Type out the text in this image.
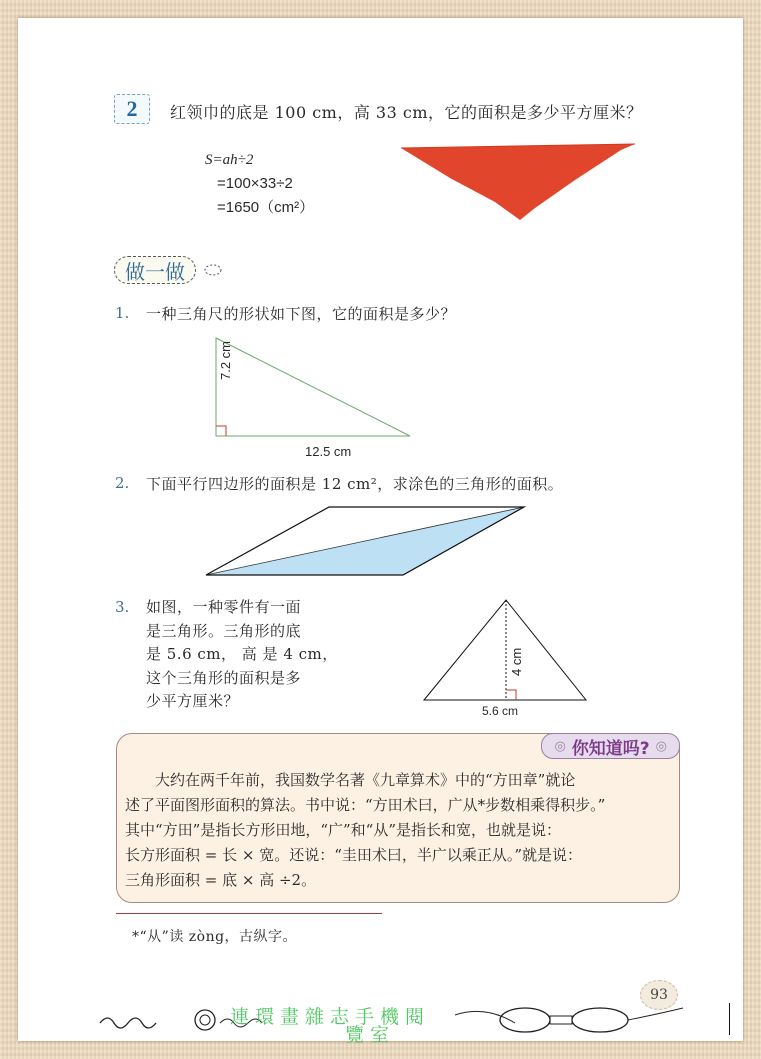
2	红领巾的底是 100 cm，高 33 cm，它的面积是多少平方厘米？
S=ah÷2
=100×33÷2
=1650（cm²）
做一做
1. 一种三角尺的形状如下图，它的面积是多少？
7.2 cm
12.5 cm
2. 下面平行四边形的面积是 12 cm²，求涂色的三角形的面积。
3. 如图，一种零件有一面
是三角形。三角形的底
是 5.6 cm， 高 是 4 cm，
这个三角形的面积是多
少平方厘米？
4 cm
5.6 cm
◎ 你知道吗? ◎

　　大约在两千年前，我国数学名著《九章算术》中的“方田章”就论

述了平面图形面积的算法。书中说：“方田术曰，广从*步数相乘得积步。”

其中“方田”是指长方形田地，“广”和“从”是指长和宽，也就是说：

长方形面积 = 长 × 宽。还说：“圭田术曰，半广以乘正从。”就是说：

三角形面积 = 底 × 高 ÷2。

*“从”读 zòng，古纵字。
93
連環畫雜志手機閱
覽室
